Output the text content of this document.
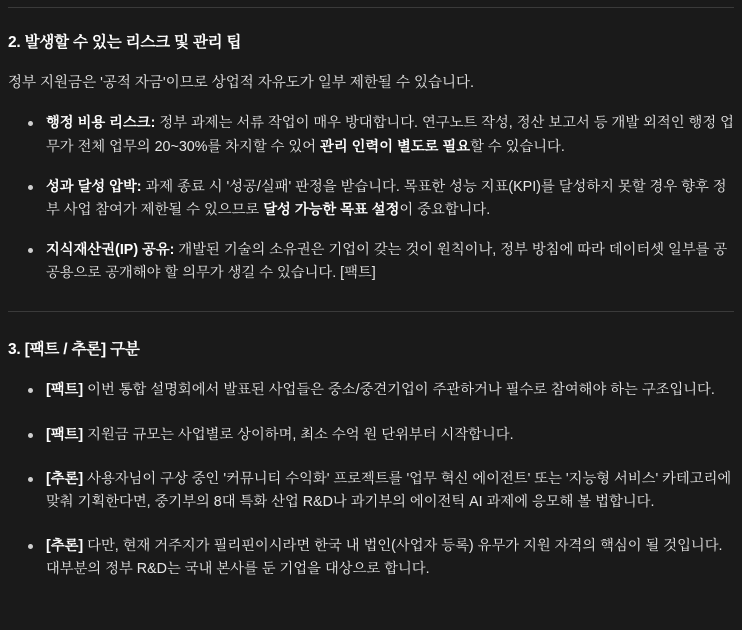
2. 발생할 수 있는 리스크 및 관리 팁

정부 지원금은 '공적 자금'이므로 상업적 자유도가 일부 제한될 수 있습니다.

행정 비용 리스크: 정부 과제는 서류 작업이 매우 방대합니다. 연구노트 작성, 정산 보고서 등 개발 외적인 행정 업무가 전체 업무의 20~30%를 차지할 수 있어 관리 인력이 별도로 필요할 수 있습니다.
성과 달성 압박: 과제 종료 시 '성공/실패' 판정을 받습니다. 목표한 성능 지표(KPI)를 달성하지 못할 경우 향후 정부 사업 참여가 제한될 수 있으므로 달성 가능한 목표 설정이 중요합니다.
지식재산권(IP) 공유: 개발된 기술의 소유권은 기업이 갖는 것이 원칙이나, 정부 방침에 따라 데이터셋 일부를 공공용으로 공개해야 할 의무가 생길 수 있습니다. [팩트]
3. [팩트 / 추론] 구분
[팩트] 이번 통합 설명회에서 발표된 사업들은 중소/중견기업이 주관하거나 필수로 참여해야 하는 구조입니다.
[팩트] 지원금 규모는 사업별로 상이하며, 최소 수억 원 단위부터 시작합니다.
[추론] 사용자님이 구상 중인 '커뮤니티 수익화' 프로젝트를 '업무 혁신 에이전트' 또는 '지능형 서비스' 카테고리에 맞춰 기획한다면, 중기부의 8대 특화 산업 R&D나 과기부의 에이전틱 AI 과제에 응모해 볼 법합니다.
[추론] 다만, 현재 거주지가 필리핀이시라면 한국 내 법인(사업자 등록) 유무가 지원 자격의 핵심이 될 것입니다. 대부분의 정부 R&D는 국내 본사를 둔 기업을 대상으로 합니다.
